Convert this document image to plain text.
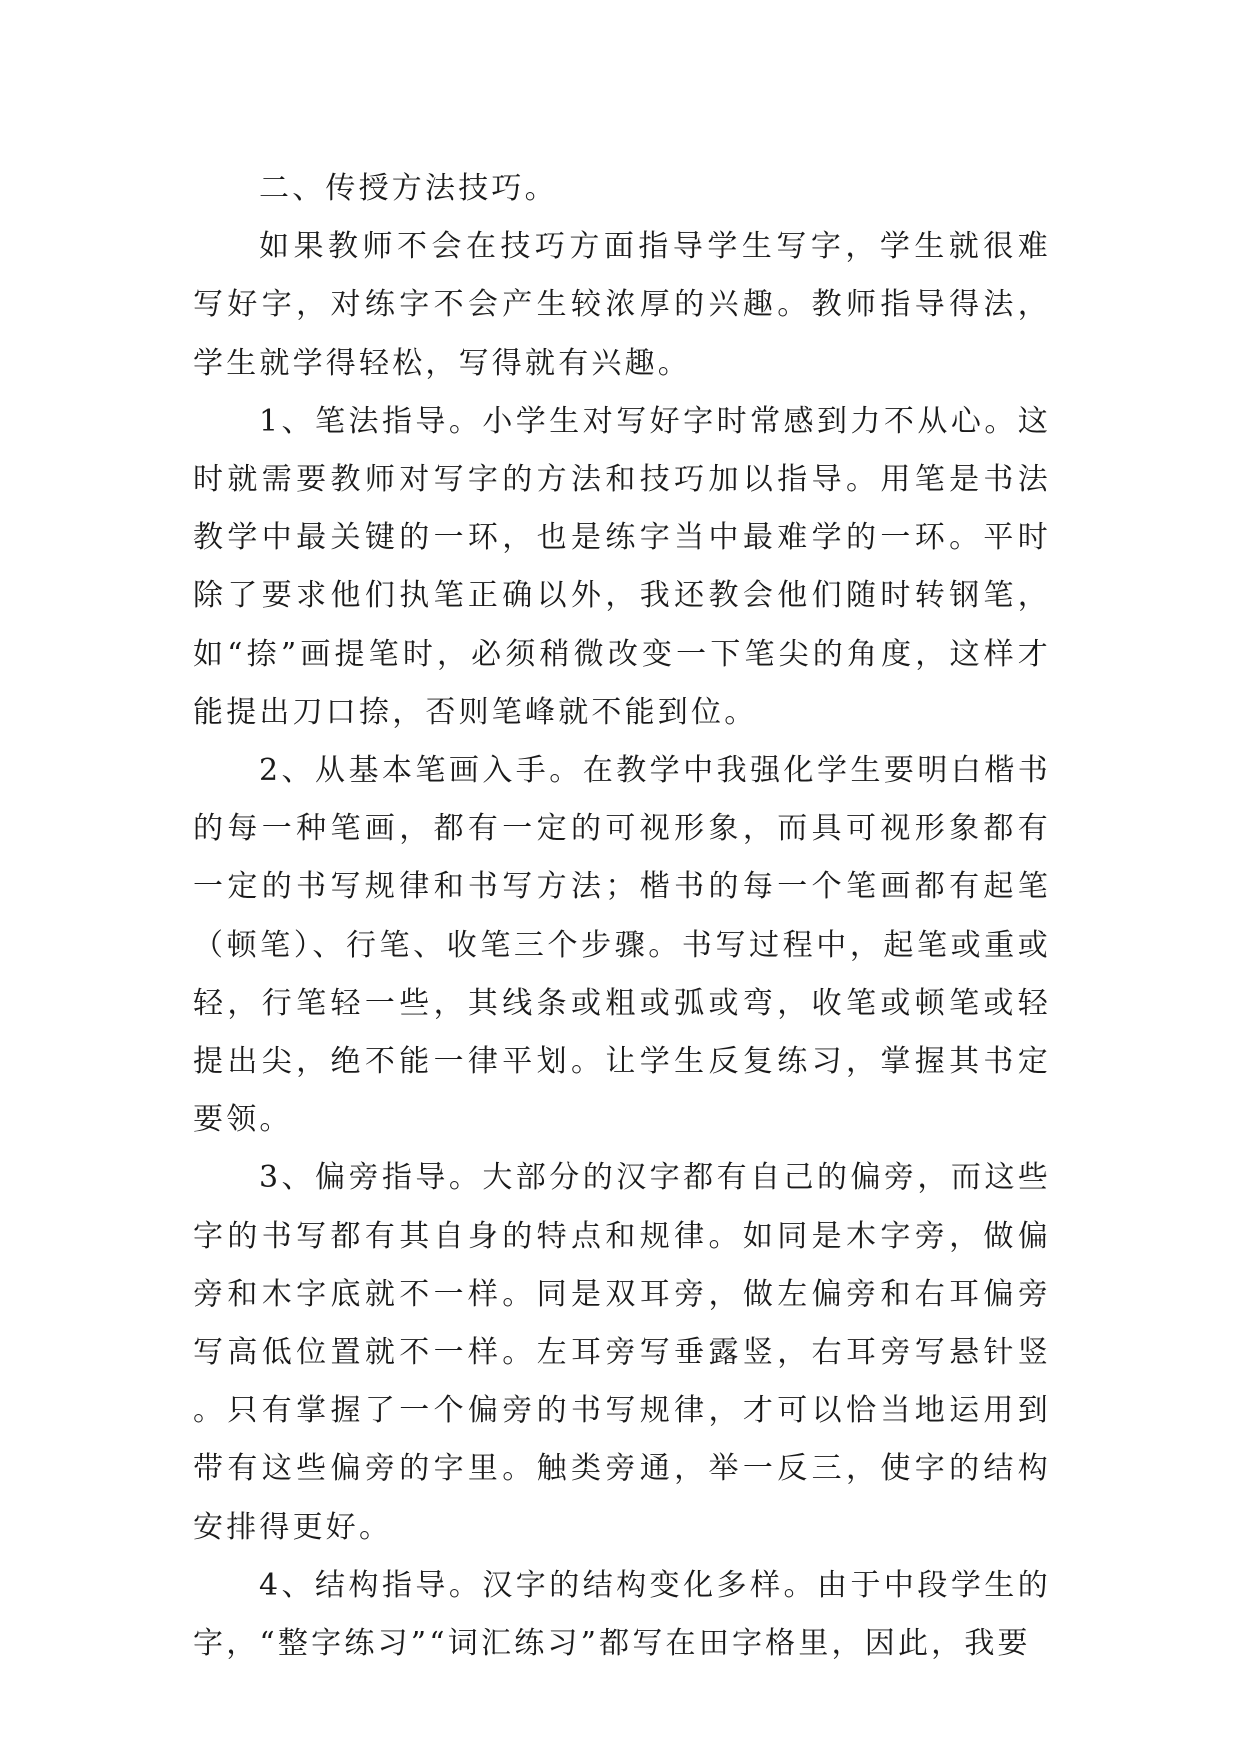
二、传授方法技巧。

如果教师不会在技巧方面指导学生写字，学生就很难写好字，对练字不会产生较浓厚的兴趣。教师指导得法，学生就学得轻松，写得就有兴趣。

1、笔法指导。小学生对写好字时常感到力不从心。这时就需要教师对写字的方法和技巧加以指导。用笔是书法教学中最关键的一环，也是练字当中最难学的一环。平时除了要求他们执笔正确以外，我还教会他们随时转钢笔，如“捺”画提笔时，必须稍微改变一下笔尖的角度，这样才能提出刀口捺，否则笔峰就不能到位。

2、从基本笔画入手。在教学中我强化学生要明白楷书的每一种笔画，都有一定的可视形象，而具可视形象都有一定的书写规律和书写方法；楷书的每一个笔画都有起笔（顿笔）、行笔、收笔三个步骤。书写过程中，起笔或重或轻，行笔轻一些，其线条或粗或弧或弯，收笔或顿笔或轻提出尖，绝不能一律平划。让学生反复练习，掌握其书定要领。

3、偏旁指导。大部分的汉字都有自己的偏旁，而这些字的书写都有其自身的特点和规律。如同是木字旁，做偏旁和木字底就不一样。同是双耳旁，做左偏旁和右耳偏旁写高低位置就不一样。左耳旁写垂露竖，右耳旁写悬针竖。只有掌握了一个偏旁的书写规律，才可以恰当地运用到带有这些偏旁的字里。触类旁通，举一反三，使字的结构安排得更好。

4、结构指导。汉字的结构变化多样。由于中段学生的字，“整字练习”“词汇练习”都写在田字格里，因此，我要
